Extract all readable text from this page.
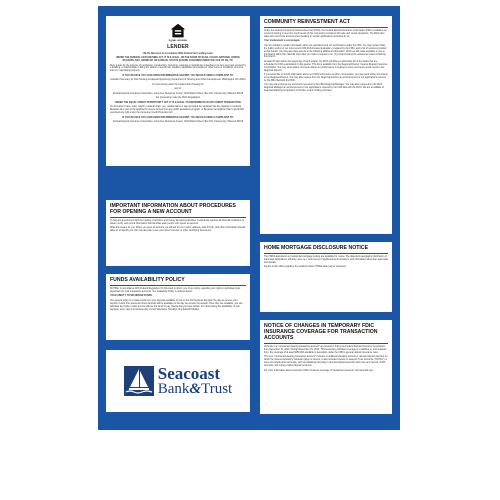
EQUAL HOUSING
LENDER

We Do Business In Accordance With Federal Fair Lending Laws

UNDER THE FEDERAL FAIR HOUSING ACT, IT IS ILLEGAL, ON THE BASIS OF RACE, COLOR, NATIONAL ORIGIN, RELIGION, SEX, HANDICAP, OR FAMILIAL STATUS (HAVING CHILDREN UNDER THE AGE OF 18), TO:

Deny a loan for the purpose of purchasing, constructing, improving, repairing or maintaining a dwelling or to deny any loan secured by a dwelling; or Discriminate in fixing the amount, interest rate, duration, application procedures or other terms or conditions of such a loan or in appraising property.

IF YOU BELIEVE YOU HAVE BEEN DISCRIMINATED AGAINST, YOU SHOULD SEND A COMPLAINT TO:

Assistant Secretary for Fair Housing and Equal Opportunity, Department of Housing and Urban Development, Washington, DC 20410

For processing under the Federal Fair Housing Act

and to:

Federal Deposit Insurance Corporation, Consumer Response Center, 1100 Walnut Street, Box #11, Kansas City, Missouri 64106

For processing under the FDIC Regulations

UNDER THE EQUAL CREDIT OPPORTUNITY ACT, IT IS ILLEGAL TO DISCRIMINATE IN ANY CREDIT TRANSACTION:

On the basis of race, color, religion, national origin, sex, marital status or age (provided the applicant has the capacity to contract); Because all or part of the applicant's income derives from any public assistance program; or Because the applicant has in good faith exercised any right under the Consumer Credit Protection Act.

IF YOU BELIEVE YOU HAVE BEEN DISCRIMINATED AGAINST, YOU SHOULD SEND A COMPLAINT TO:

Federal Deposit Insurance Corporation, Consumer Response Center, 1100 Walnut Street, Box #11, Kansas City, Missouri 64106

COMMUNITY REINVESTMENT ACT

Under the Federal Community Reinvestment Act (CRA), the Federal Deposit Insurance Corporation (FDIC) evaluates our record of helping to meet the credit needs of this community consistent with safe and sound operations. The FDIC also takes this record into account when deciding on certain applications submitted by us.

Your involvement is encouraged.

You are entitled to certain information about our operations and our performance under the CRA. You may review today the public section of our most recent CRA Performance Evaluation, prepared by the FDIC, and a list of services provided at this branch. You may also have access to the following additional information, which we will make available to you at this branch within five calendar days after you make a request to us: (1) a map showing the assessment area containing this branch.

At least 30 days before the beginning of each quarter, the FDIC publishes a nationwide list of the banks that are scheduled for CRA examination in that quarter. This list is available from the Regional Director, Federal Deposit Insurance Corporation. You may send written comments about our performance in helping to meet community credit needs to the Regional Director.

If you would like to submit information about our CRA performance to other communities, you may send written comments to the Regional Director. You may also request from the Regional Director an announcement of our applications covered by the CRA filed with the FDIC.

You may ask to look at any comments received by the FDIC Regional Manager. You may also request from the FDIC Regional Manager an announcement of our applications covered by the CRA filed with the FDIC. We are an affiliate of Seacoast Banking Corporation of Florida, a bank holding company.

IMPORTANT INFORMATION ABOUT PROCEDURES FOR OPENING A NEW ACCOUNT

To help the government fight the funding of terrorism and money laundering activities, Federal law requires all financial institutions to obtain, verify, and record information that identifies each person who opens an account.

What this means for you: When you open an account, we will ask for your name, address, date of birth, and other information that will allow us to identify you. We may also ask to see your driver's license or other identifying documents.

FUNDS AVAILABILITY POLICY

NOTICE: In accordance With Federal Regulation CC We want to inform you of our policy regarding your rights to withdraw funds deposited into your transaction accounts. Our Availability Policy is outlined below.

YOUR ABILITY TO WITHDRAW FUNDS

Our general policy is to make funds from your deposits available to you on the first business day after the day we receive your deposit. Funds from electronic direct deposits will be available on the day we receive the deposit. Once they are available, you can withdraw the funds in cash and we will use the funds to pay checks that you have written. For determining the availability of your deposits, every day is a business day, except Saturdays, Sundays, and federal holidays.

HOME MORTGAGE DISCLOSURE NOTICE

The HMDA data about our residential mortgage lending are available for review. The data show geographic distribution of loans and applications; ethnicity, race, sex, and income of applicants and borrowers; and information about loan approvals and denials.

Inquire at this office regarding the locations where HMDA data may be inspected.

Seacoast
Bank&Trust
NOTICE OF CHANGES IN TEMPORARY FDIC INSURANCE COVERAGE FOR TRANSACTION ACCOUNTS

All funds in a "noninterest-bearing transaction account" are insured in full by the Federal Deposit Insurance Corporation from December 31, 2010, through December 31, 2012. This temporary unlimited coverage is in addition to, and separate from, the coverage of at least $250,000 available to depositors under the FDIC's general deposit insurance rules.

The term "noninterest-bearing transaction account" includes a traditional checking account or demand deposit account on which the insured depository institution pays no interest. It also includes Interest on Lawyers Trust Accounts ("IOLTAs"). It does not include other accounts, such as traditional checking or demand deposit accounts that may earn interest, NOW accounts, and money-market deposit accounts.

For more information about temporary FDIC insurance coverage of transaction accounts, visit www.fdic.gov.
